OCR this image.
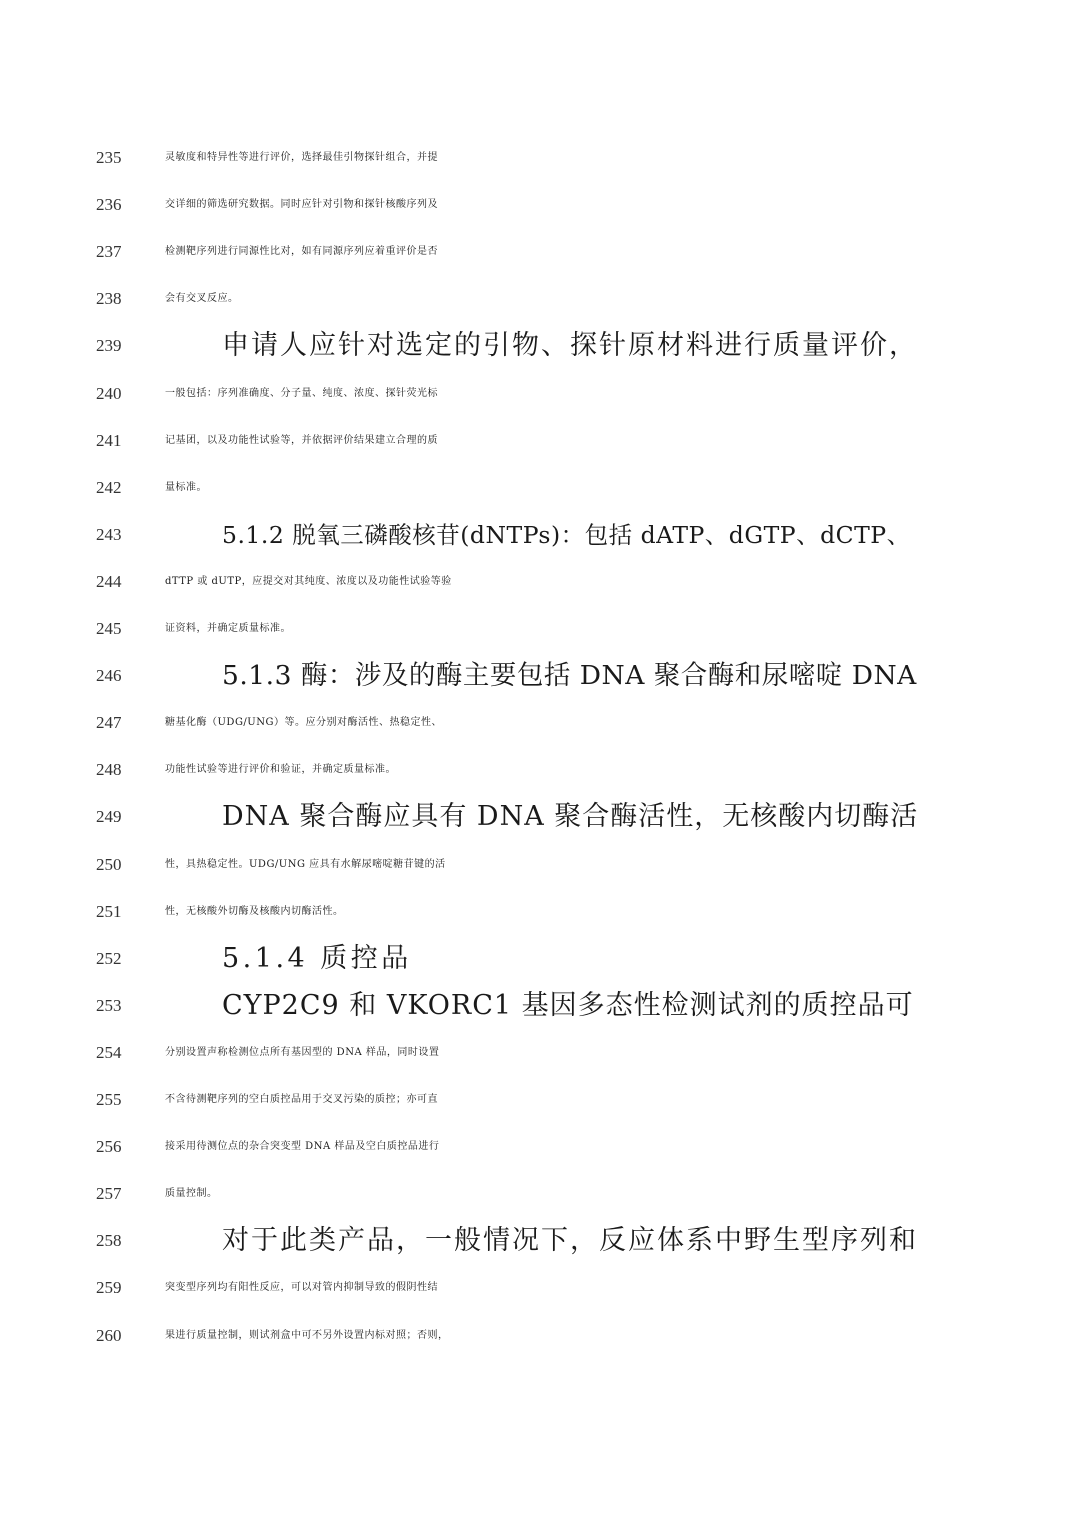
235	灵敏度和特异性等进行评价，选择最佳引物探针组合，并提
236	交详细的筛选研究数据。同时应针对引物和探针核酸序列及
237	检测靶序列进行同源性比对，如有同源序列应着重评价是否
238	会有交叉反应。
239	申请人应针对选定的引物、探针原材料进行质量评价，
240	一般包括：序列准确度、分子量、纯度、浓度、探针荧光标
241	记基团，以及功能性试验等，并依据评价结果建立合理的质
242	量标准。
243	5.1.2 脱氧三磷酸核苷(dNTPs)：包括 dATP、dGTP、dCTP、
244	dTTP 或 dUTP，应提交对其纯度、浓度以及功能性试验等验
245	证资料，并确定质量标准。
246	5.1.3 酶：涉及的酶主要包括 DNA 聚合酶和尿嘧啶 DNA
247	糖基化酶（UDG/UNG）等。应分别对酶活性、热稳定性、
248	功能性试验等进行评价和验证，并确定质量标准。
249	DNA 聚合酶应具有 DNA 聚合酶活性，无核酸内切酶活
250	性，具热稳定性。UDG/UNG 应具有水解尿嘧啶糖苷键的活
251	性，无核酸外切酶及核酸内切酶活性。
252	5.1.4 质控品
253	CYP2C9 和 VKORC1 基因多态性检测试剂的质控品可
254	分别设置声称检测位点所有基因型的 DNA 样品，同时设置
255	不含待测靶序列的空白质控品用于交叉污染的质控；亦可直
256	接采用待测位点的杂合突变型 DNA 样品及空白质控品进行
257	质量控制。
258	对于此类产品，一般情况下，反应体系中野生型序列和
259	突变型序列均有阳性反应，可以对管内抑制导致的假阴性结
260	果进行质量控制，则试剂盒中可不另外设置内标对照；否则，
